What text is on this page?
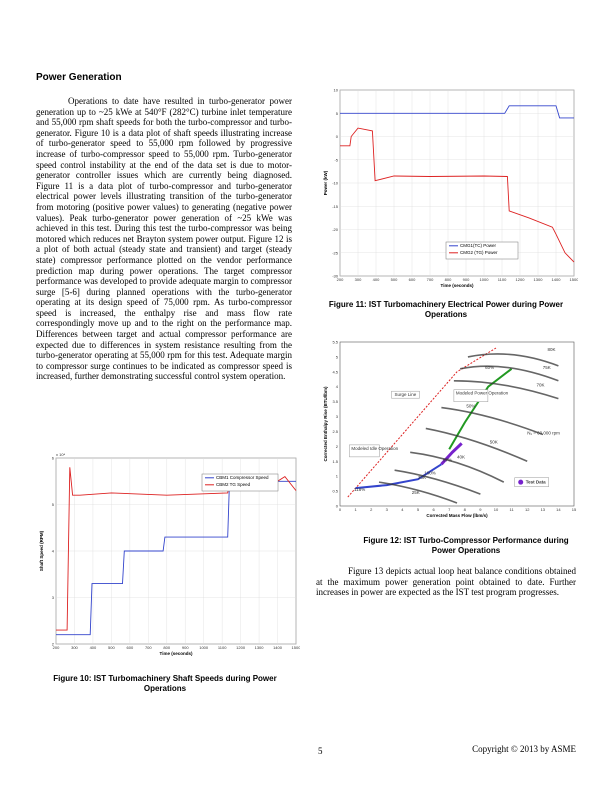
Power Generation

Operations to date have resulted in turbo-generator power generation up to ~25 kWe at 540°F (282°C) turbine inlet temperature and 55,000 rpm shaft speeds for both the turbo-compressor and turbo-generator. Figure 10 is a data plot of shaft speeds illustrating increase of turbo-generator speed to 55,000 rpm followed by progressive increase of turbo-compressor speed to 55,000 rpm. Turbo-generator speed control instability at the end of the data set is due to motor-generator controller issues which are currently being diagnosed. Figure 11 is a data plot of turbo-compressor and turbo-generator electrical power levels illustrating transition of the turbo-generator from motoring (positive power values) to generating (negative power values). Peak turbo-generator power generation of ~25 kWe was achieved in this test. During this test the turbo-compressor was being motored which reduces net Brayton system power output. Figure 12 is a plot of both actual (steady state and transient) and target (steady state) compressor performance plotted on the vendor performance prediction map during power operations. The target compressor performance was developed to provide adequate margin to compressor surge [5-6] during planned operations with the turbo-generator operating at its design speed of 75,000 rpm. As turbo-compressor speed is increased, the enthalpy rise and mass flow rate correspondingly move up and to the right on the performance map. Differences between target and actual compressor performance are expected due to differences in system resistance resulting from the turbo-generator operating at 55,000 rpm for this test. Adequate margin to compressor surge continues to be indicated as compressor speed is increased, further demonstrating successful control system operation.

200	300	400	500	600	700	800	900	1000 1100 1200 1300 1400 1500
10
5
0
-5
-10
-15
-20
-25
-30
Time (seconds)
Power (kW)
CMG1(TC) Power
CMG2 (TG) Power
Figure 11: IST Turbomachinery Electrical Power during Power Operations
0	1	2	3	4	5	6	7	8	9	10	11	12	13	14	15
0
0.5
1
1.5
2
2.5
3
3.5
4
4.5
5
5.5
Corrected Mass Flow (lbm/s)
Corrected Enthalpy Rise (BTU/lbm)
80K
75K
70K
50K
40K
30K
25K
Surge Line	Modeled Power Operation
Modeled Idle Operation
N₁ = 60,000 rpm
Test Data
60%
50%
97%
100%
118%
Figure 12: IST Turbo-Compressor Performance during Power Operations
200	300	400	500	600	700	800	900	1000 1100 1200 1300 1400 1500
6
5
4
3
2
Time (seconds)
Shaft Speed (RPM)
x 10⁴
CBM1 Compressor Speed
CBM2 TG Speed
Figure 10: IST Turbomachinery Shaft Speeds during Power Operations

Figure 13 depicts actual loop heat balance conditions obtained at the maximum power generation point obtained to date. Further increases in power are expected as the IST test program progresses.

5	Copyright © 2013 by ASME
